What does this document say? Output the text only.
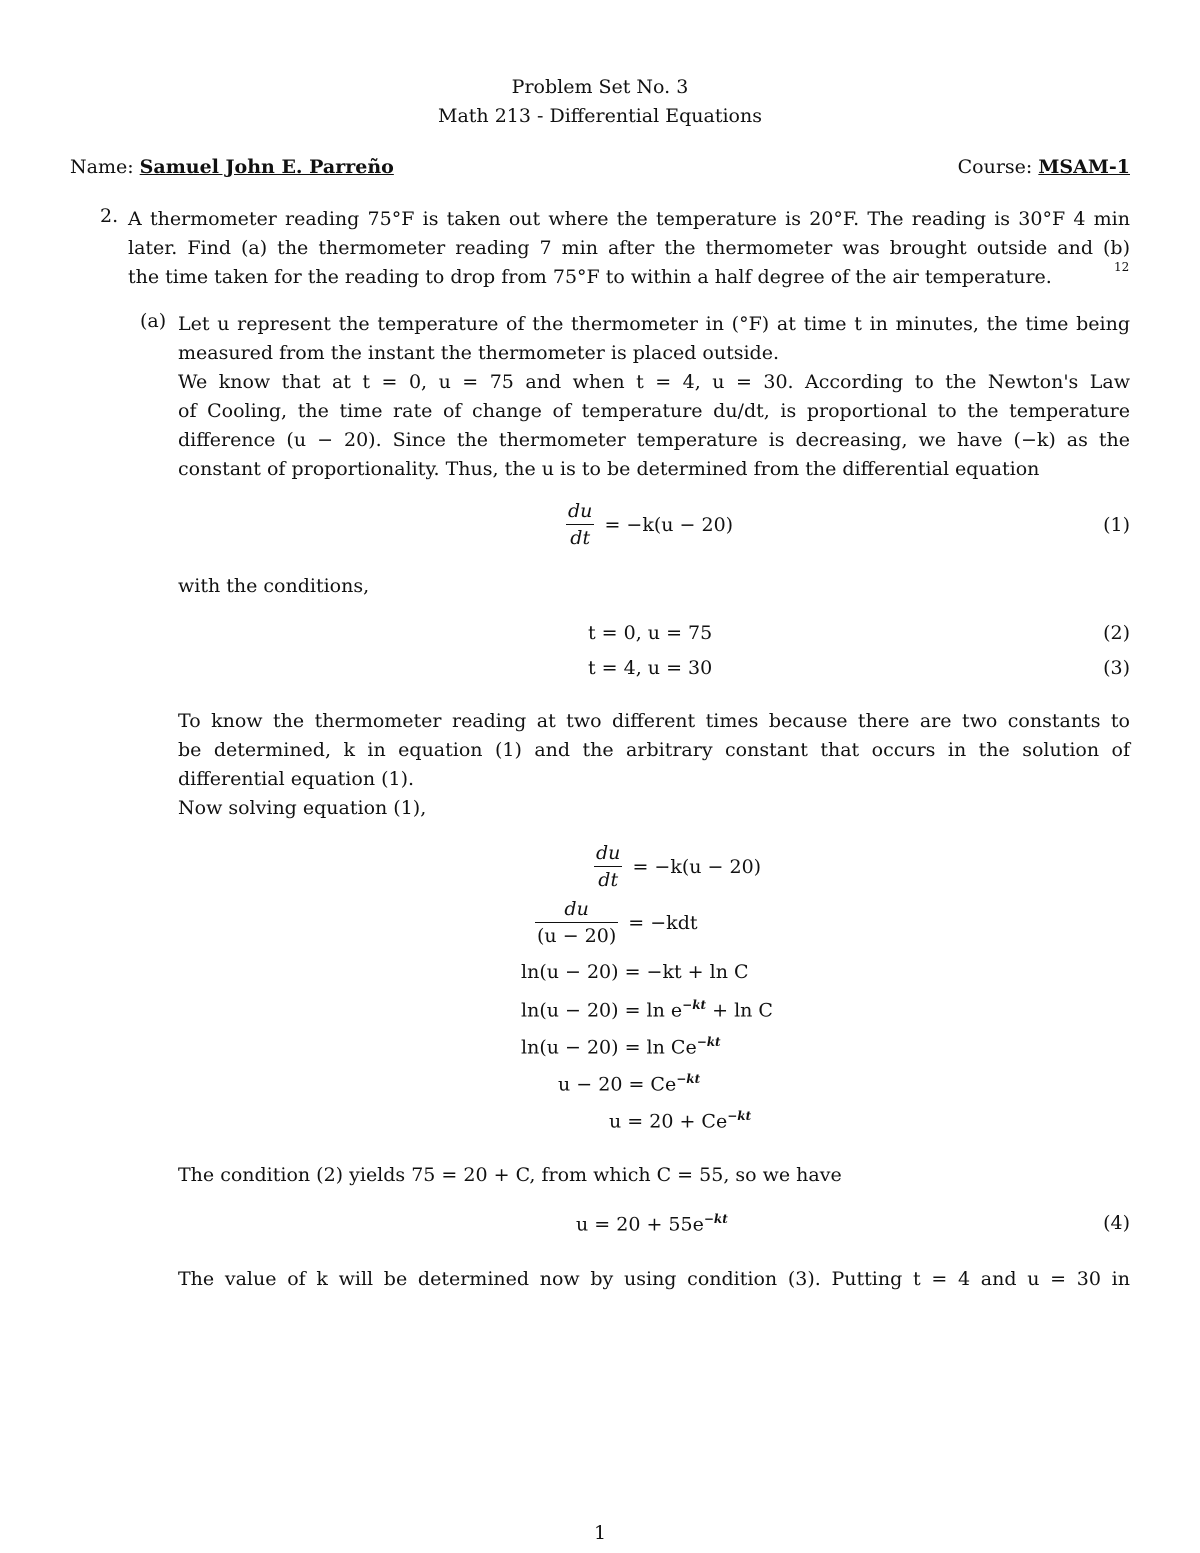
Problem Set No. 3
Math 213 - Differential Equations
Name: Samuel John E. Parreño	Course: MSAM-1
2. A thermometer reading 75°F is taken out where the temperature is 20°F. The reading is 30°F 4 min
later. Find (a) the thermometer reading 7 min after the thermometer was brought outside and (b)
the time taken for the reading to drop from 75°F to within a half degree of the air temperature.	12
(a) Let u represent the temperature of the thermometer in (°F) at time t in minutes, the time being
measured from the instant the thermometer is placed outside.
We know that at t = 0, u = 75 and when t = 4, u = 30. According to the Newton's Law
of Cooling, the time rate of change of temperature du/dt, is proportional to the temperature
difference (u − 20). Since the thermometer temperature is decreasing, we have (−k) as the
constant of proportionality. Thus, the u is to be determined from the differential equation
$\frac{du}{dt} = -k(u - 20)$	(1)
with the conditions,
t = 0, u = 75	(2)
t = 4, u = 30	(3)
To know the thermometer reading at two different times because there are two constants to
be determined, k in equation (1) and the arbitrary constant that occurs in the solution of
differential equation (1).
Now solving equation (1),
$\frac{du}{dt} = -k(u - 20)$
$\frac{du}{(u - 20)} = -kdt$
ln(u − 20) = −kt + ln C
$\ln(u - 20) = \ln e^{-kt} + \ln C$
$\ln(u - 20) = \ln Ce^{-kt}$
$u - 20 = Ce^{-kt}$
$u = 20 + Ce^{-kt}$
The condition (2) yields 75 = 20 + C, from which C = 55, so we have
$u = 20 + 55e^{-kt}$	(4)
The value of k will be determined now by using condition (3). Putting t = 4 and u = 30 in
1
